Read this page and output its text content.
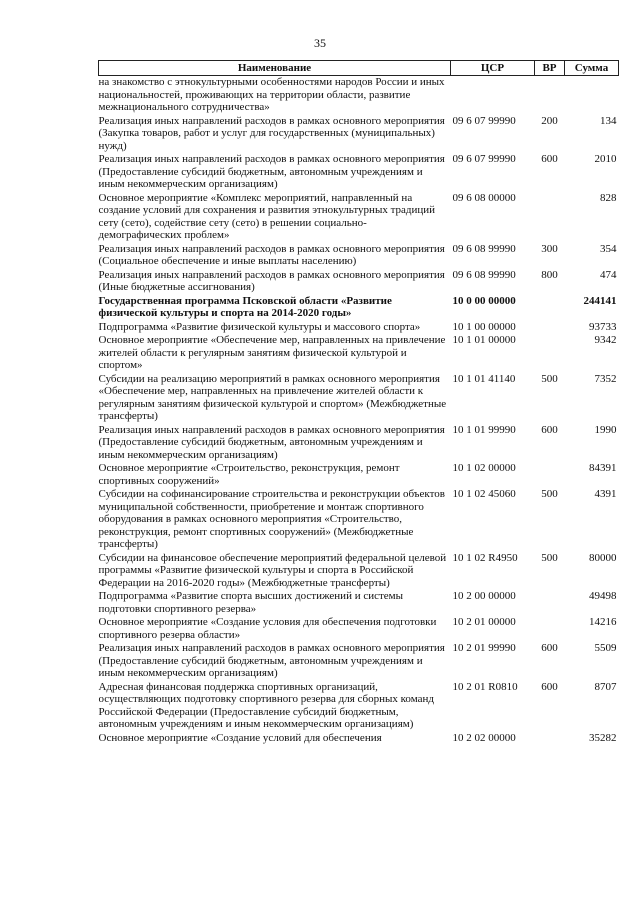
35
Наименование	ЦСР	ВР	Сумма
на знакомство с этнокультурными особенностями народов России и иных национальностей, проживающих на территории области, развитие межнационального сотрудничества»			
Реализация иных направлений расходов в рамках основного мероприятия (Закупка товаров, работ и услуг для государственных (муниципальных) нужд)	09 6 07 99990	200	134
Реализация иных направлений расходов в рамках основного мероприятия (Предоставление субсидий бюджетным, автономным учреждениям и иным некоммерческим организациям)	09 6 07 99990	600	2010
Основное мероприятие «Комплекс мероприятий, направленный на создание условий для сохранения и развития этнокультурных традиций сету (сето), содействие сету (сето) в решении социально-демографических проблем»	09 6 08 00000		828
Реализация иных направлений расходов в рамках основного мероприятия (Социальное обеспечение и иные выплаты населению)	09 6 08 99990	300	354
Реализация иных направлений расходов в рамках основного мероприятия (Иные бюджетные ассигнования)	09 6 08 99990	800	474
Государственная программа Псковской области «Развитие физической культуры и спорта на 2014-2020 годы»	10 0 00 00000		244141
Подпрограмма «Развитие физической культуры и массового спорта»	10 1 00 00000		93733
Основное мероприятие «Обеспечение мер, направленных на привлечение жителей области к регулярным занятиям физической культурой и спортом»	10 1 01 00000		9342
Субсидии на реализацию мероприятий в рамках основного мероприятия «Обеспечение мер, направленных на привлечение жителей области к регулярным занятиям физической культурой и спортом» (Межбюджетные трансферты)	10 1 01 41140	500	7352
Реализация иных направлений расходов в рамках основного мероприятия (Предоставление субсидий бюджетным, автономным учреждениям и иным некоммерческим организациям)	10 1 01 99990	600	1990
Основное мероприятие «Строительство, реконструкция, ремонт спортивных сооружений»	10 1 02 00000		84391
Субсидии на софинансирование строительства и реконструкции объектов муниципальной собственности, приобретение и монтаж спортивного оборудования в рамках основного мероприятия «Строительство, реконструкция, ремонт спортивных сооружений» (Межбюджетные трансферты)	10 1 02 45060	500	4391
Субсидии на финансовое обеспечение мероприятий федеральной целевой программы «Развитие физической культуры и спорта в Российской Федерации на 2016-2020 годы» (Межбюджетные трансферты)	10 1 02 R4950	500	80000
Подпрограмма «Развитие спорта высших достижений и системы подготовки спортивного резерва»	10 2 00 00000		49498
Основное мероприятие «Создание условия для обеспечения подготовки спортивного резерва области»	10 2 01 00000		14216
Реализация иных направлений расходов в рамках основного мероприятия (Предоставление субсидий бюджетным, автономным учреждениям и иным некоммерческим организациям)	10 2 01 99990	600	5509
Адресная финансовая поддержка спортивных организаций, осуществляющих подготовку спортивного резерва для сборных команд Российской Федерации (Предоставление субсидий бюджетным, автономным учреждениям и иным некоммерческим организациям)	10 2 01 R0810	600	8707
Основное мероприятие «Создание условий для обеспечения	10 2 02 00000		35282
